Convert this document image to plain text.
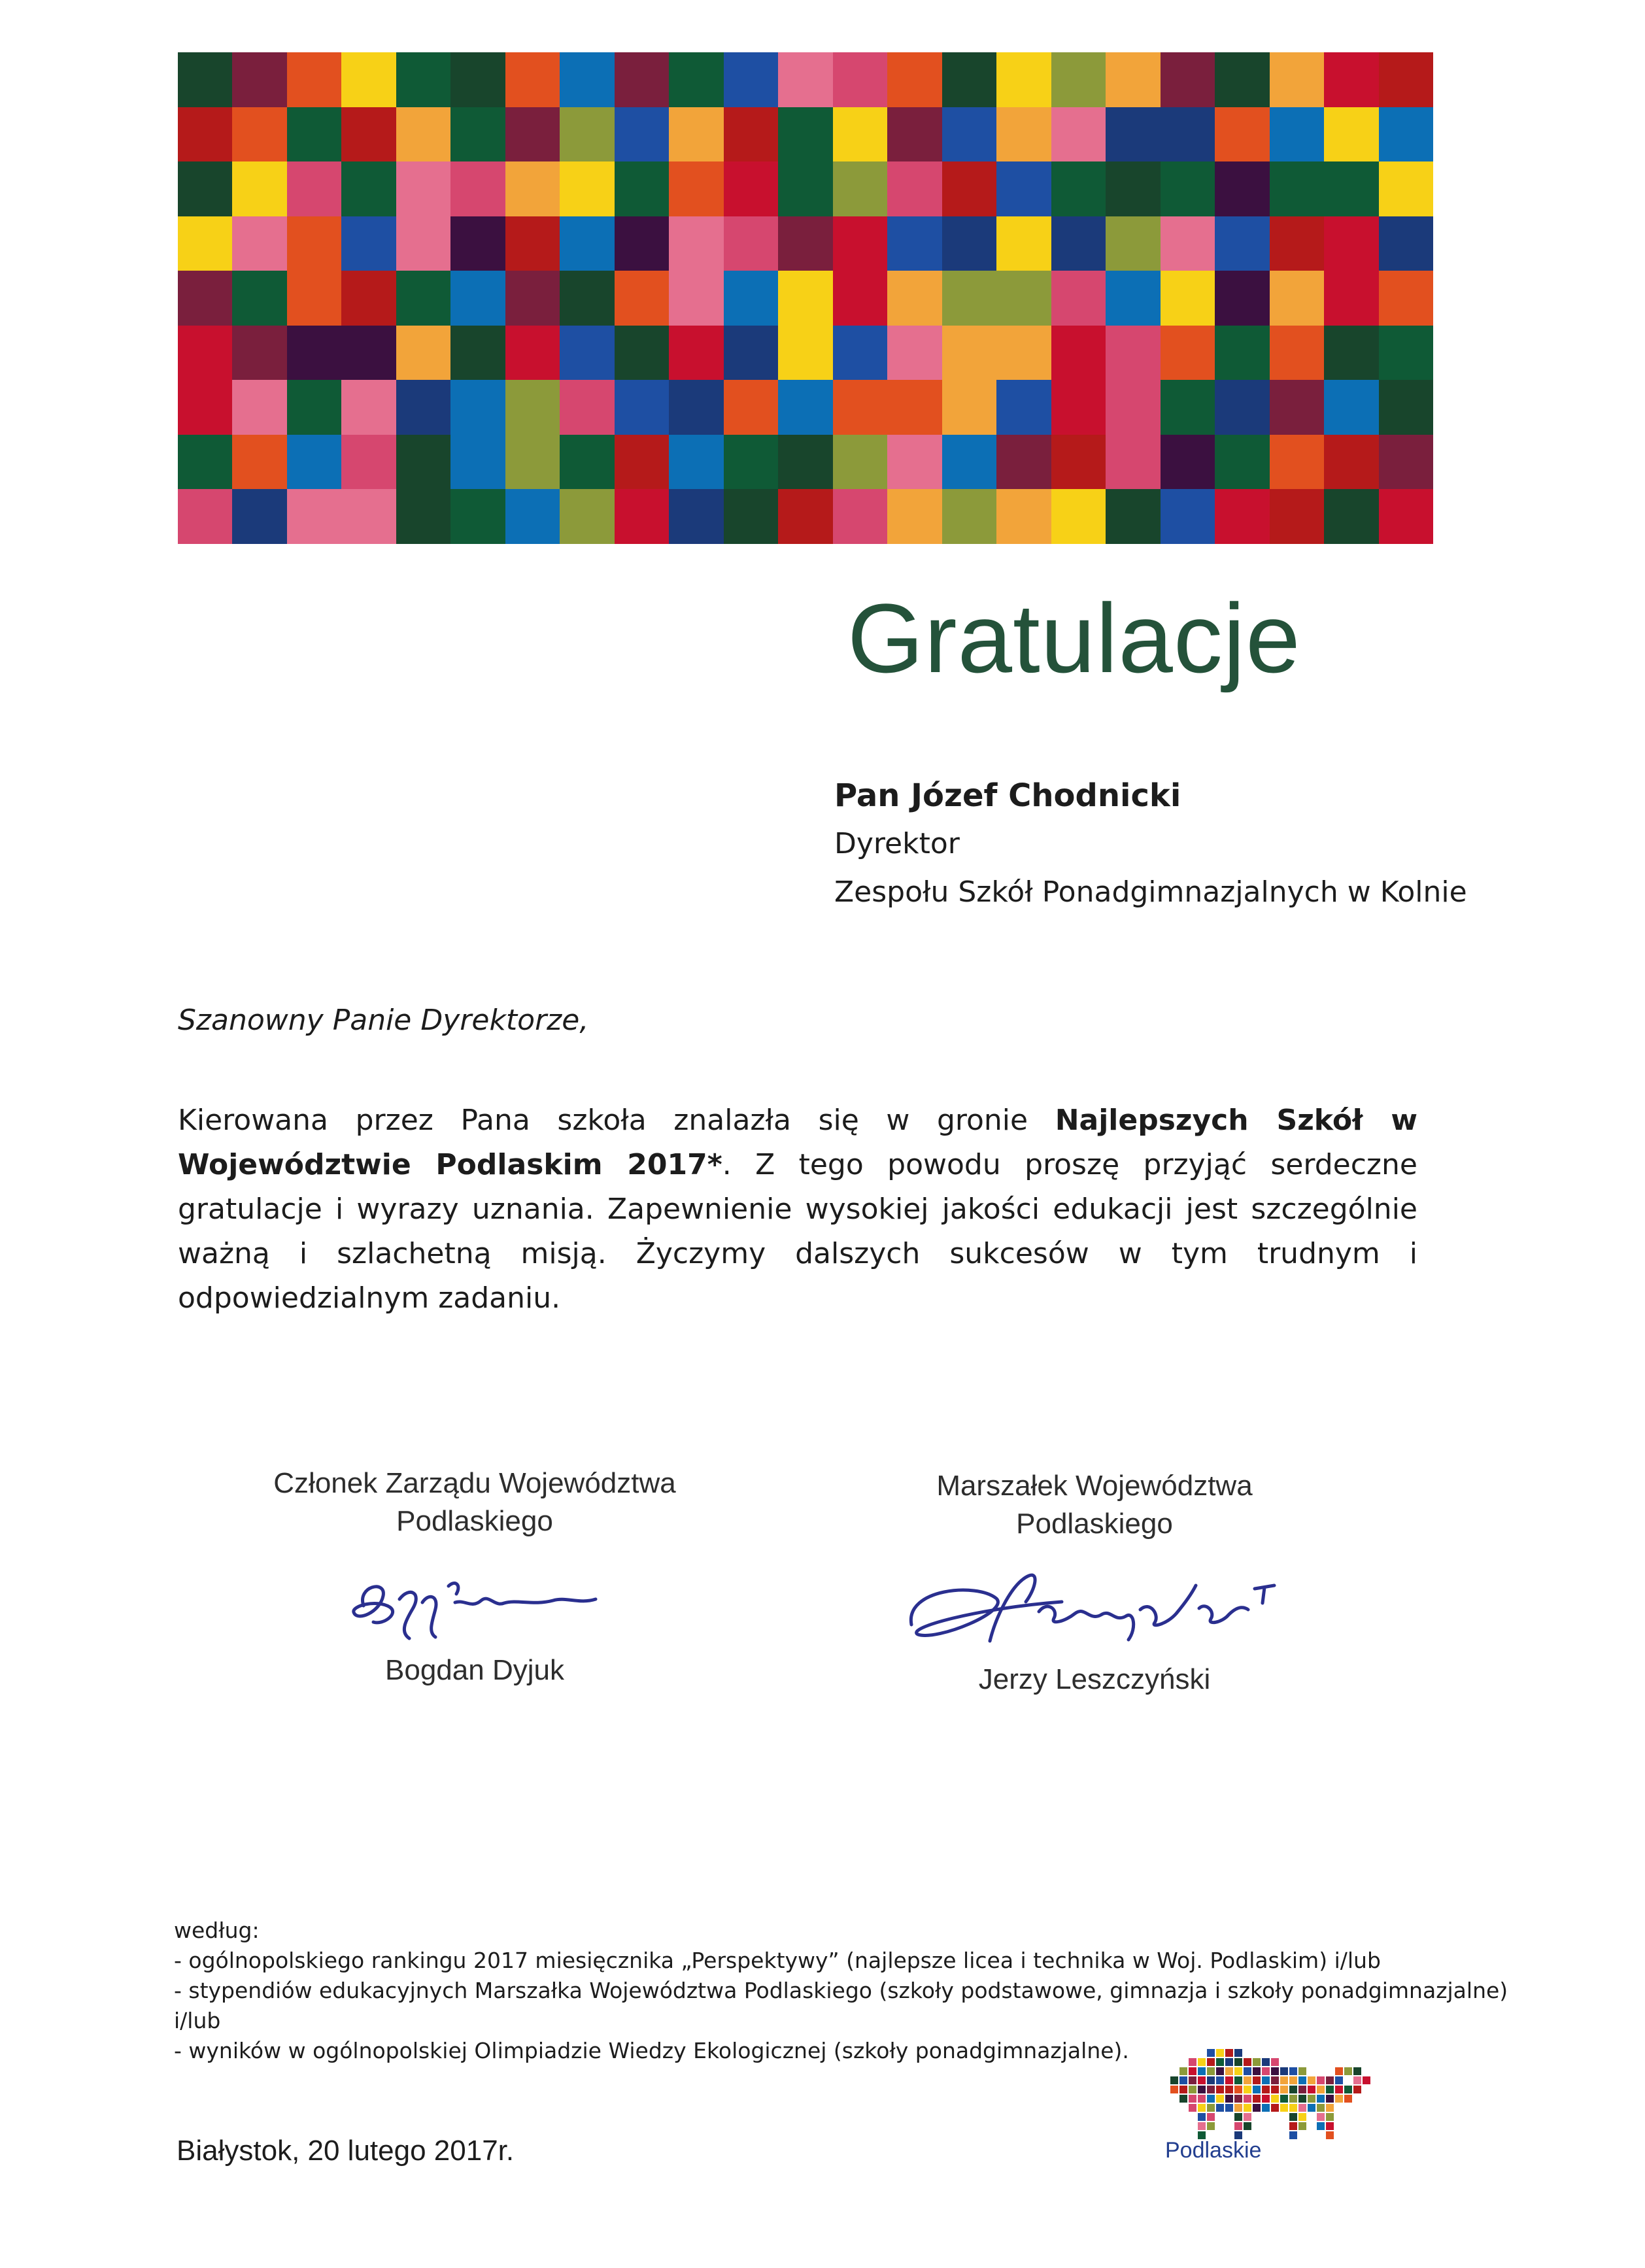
Gratulacje
Pan Józef Chodnicki
Dyrektor
Zespołu Szkół Ponadgimnazjalnych w Kolnie
Szanowny Panie Dyrektorze,
Kierowana przez Pana szkoła znalazła się w gronie Najlepszych Szkół w Województwie Podlaskim 2017*. Z tego powodu proszę przyjąć serdeczne gratulacje i wyrazy uznania. Zapewnienie wysokiej jakości edukacji jest szczególnie ważną i szlachetną misją. Życzymy dalszych sukcesów w tym trudnym i odpowiedzialnym zadaniu.
Członek Zarządu Województwa
Podlaskiego
Bogdan Dyjuk
Marszałek Województwa
Podlaskiego
Jerzy Leszczyński
według:
- ogólnopolskiego rankingu 2017 miesięcznika „Perspektywy” (najlepsze licea i technika w Woj. Podlaskim) i/lub
- stypendiów edukacyjnych Marszałka Województwa Podlaskiego (szkoły podstawowe, gimnazja i szkoły ponadgimnazjalne)
i/lub
- wyników w ogólnopolskiej Olimpiadzie Wiedzy Ekologicznej (szkoły ponadgimnazjalne).
Białystok, 20 lutego 2017r.	Podlaskie
